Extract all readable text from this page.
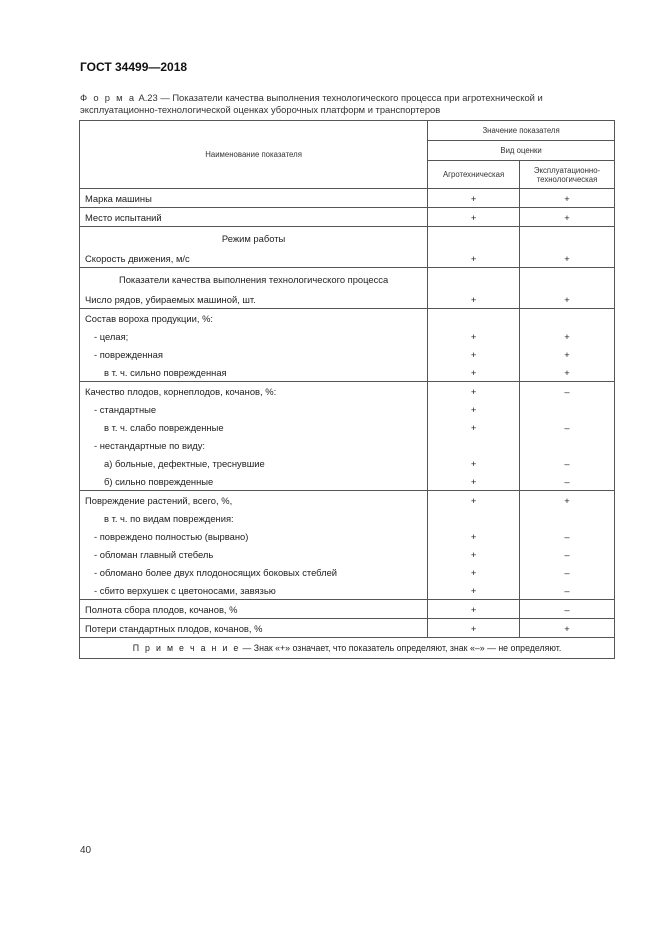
ГОСТ 34499—2018
Ф о р м а А.23 — Показатели качества выполнения технологического процесса при агротехнической и эксплуатационно-технологической оценках уборочных платформ и транспортеров
Наименование показателя	Значение показателя	
	Вид оценки	
	Агротехническая	Эксплуатационно-технологическая
Марка машины	+	+
Место испытаний	+	+
Режим работы		
Скорость движения, м/с	+	+
Показатели качества выполнения технологического процесса		
Число рядов, убираемых машиной, шт.	+	+
Состав вороха продукции, %:		
- целая;	+	+
- поврежденная	+	+
в т. ч. сильно поврежденная	+	+
Качество плодов, корнеплодов, кочанов, %:	+	–
- стандартные	+	
в т. ч. слабо поврежденные	+	–
- нестандартные по виду:		
а) больные, дефектные, треснувшие	+	–
б) сильно поврежденные	+	–
Повреждение растений, всего, %,	+	+
в т. ч. по видам повреждения:		
- повреждено полностью (вырвано)	+	–
- обломан главный стебель	+	–
- обломано более двух плодоносящих боковых стеблей	+	–
- сбито верхушек с цветоносами, завязью	+	–
Полнота сбора плодов, кочанов, %	+	–
Потери стандартных плодов, кочанов, %	+	+
П р и м е ч а н и е — Знак «+» означает, что показатель определяют, знак «–» — не определяют.		
40
